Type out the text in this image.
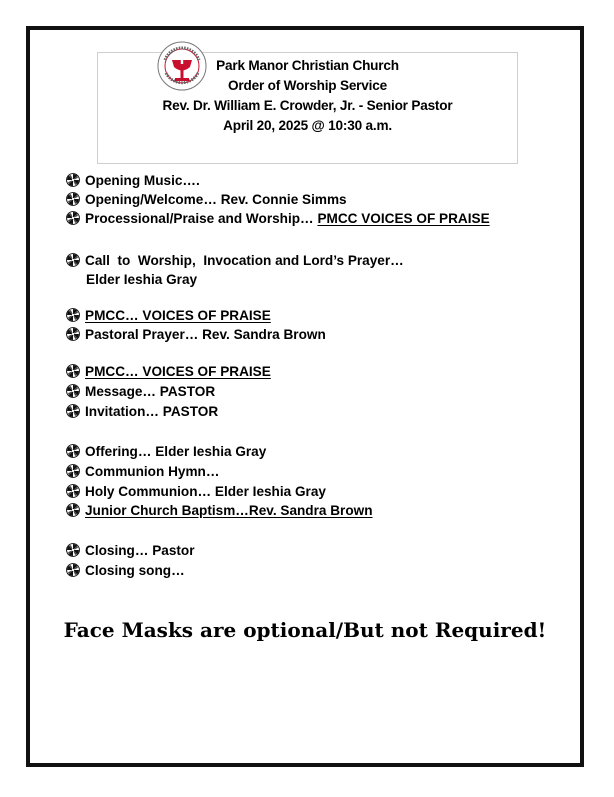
Park Manor Christian Church
Order of Worship Service
Rev. Dr. William E. Crowder, Jr. - Senior Pastor
April 20, 2025 @ 10:30 a.m.
Opening Music….
Opening/Welcome… Rev. Connie Simms
Processional/Praise and Worship… PMCC VOICES OF PRAISE
Call  to  Worship,  Invocation and Lord’s Prayer…
Elder Ieshia Gray
PMCC… VOICES OF PRAISE
Pastoral Prayer… Rev. Sandra Brown
PMCC… VOICES OF PRAISE
Message… PASTOR
Invitation… PASTOR
Offering… Elder Ieshia Gray
Communion Hymn…
Holy Communion… Elder Ieshia Gray
Junior Church Baptism…Rev. Sandra Brown
Closing… Pastor
Closing song…
Face Masks are optional/But not Required!
